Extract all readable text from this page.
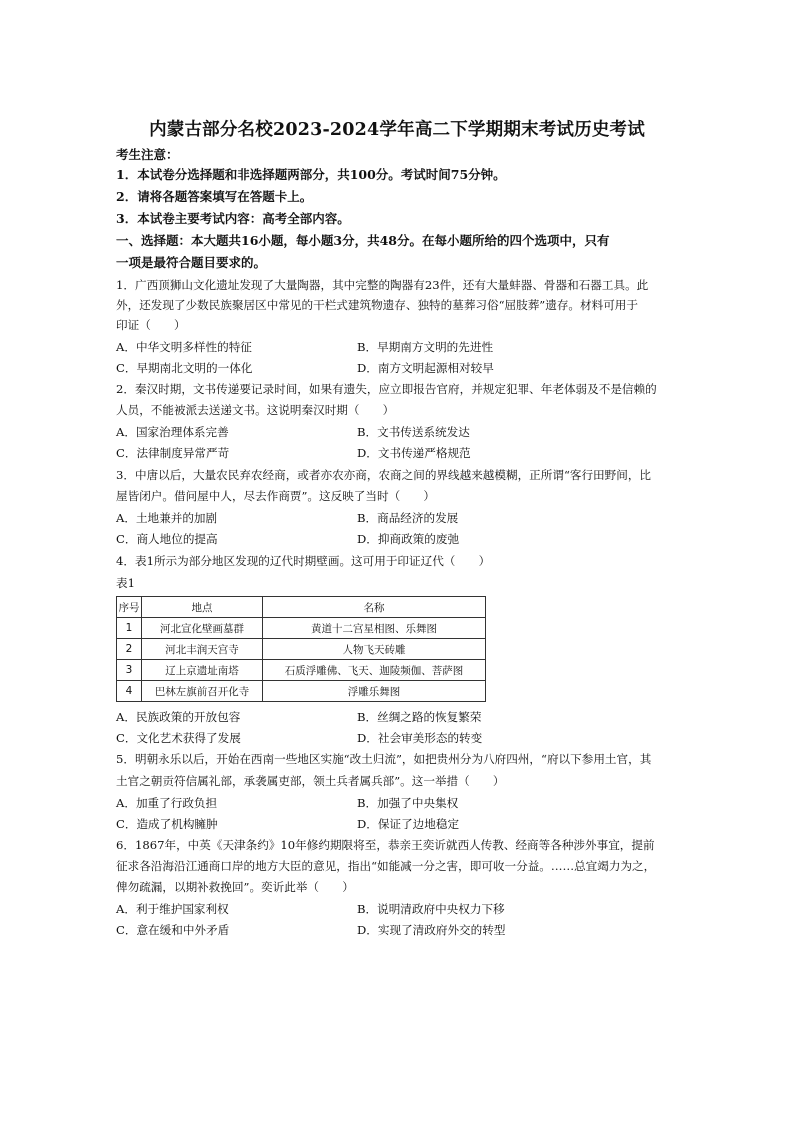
内蒙古部分名校2023-2024学年高二下学期期末考试历史考试
考生注意：
1．本试卷分选择题和非选择题两部分，共100分。考试时间75分钟。
2．请将各题答案填写在答题卡上。
3．本试卷主要考试内容：高考全部内容。
一、选择题：本大题共16小题，每小题3分，共48分。在每小题所给的四个选项中，只有
一项是最符合题目要求的。
1．广西顶狮山文化遗址发现了大量陶器，其中完整的陶器有23件，还有大量蚌器、骨器和石器工具。此
外，还发现了少数民族聚居区中常见的干栏式建筑物遗存、独特的墓葬习俗“屈肢葬”遗存。材料可用于
印证（　　）
A．中华文明多样性的特征	B．早期南方文明的先进性
C．早期南北文明的一体化	D．南方文明起源相对较早
2．秦汉时期，文书传递要记录时间，如果有遗失，应立即报告官府，并规定犯罪、年老体弱及不是信赖的
人员，不能被派去送递文书。这说明秦汉时期（　　）
A．国家治理体系完善	B．文书传送系统发达
C．法律制度异常严苛	D．文书传递严格规范
3．中唐以后，大量农民弃农经商，或者亦农亦商，农商之间的界线越来越模糊，正所谓“客行田野间，比
屋皆闭户。借问屋中人，尽去作商贾”。这反映了当时（　　）
A．土地兼并的加剧	B．商品经济的发展
C．商人地位的提高	D．抑商政策的废弛
4．表1所示为部分地区发现的辽代时期壁画。这可用于印证辽代（　　）
表1
序号	地点	名称
1	河北宣化壁画墓群	黄道十二宫星相图、乐舞图
2	河北丰润天宫寺	人物飞天砖雕
3	辽上京遗址南塔	石质浮雕佛、飞天、迦陵频伽、菩萨图
4	巴林左旗前召开化寺	浮雕乐舞图
A．民族政策的开放包容	B．丝绸之路的恢复繁荣
C．文化艺术获得了发展	D．社会审美形态的转变
5．明朝永乐以后，开始在西南一些地区实施“改土归流”，如把贵州分为八府四州，“府以下参用土官，其
土官之朝贡符信属礼部，承袭属吏部，领土兵者属兵部”。这一举措（　　）
A．加重了行政负担	B．加强了中央集权
C．造成了机构臃肿	D．保证了边地稳定
6．1867年，中英《天津条约》10年修约期限将至，恭亲王奕䜣就西人传教、经商等各种涉外事宜，提前
征求各沿海沿江通商口岸的地方大臣的意见，指出“如能减一分之害，即可收一分益。……总宜竭力为之，
俾勿疏漏，以期补救挽回”。奕䜣此举（　　）
A．利于维护国家利权	B．说明清政府中央权力下移
C．意在缓和中外矛盾	D．实现了清政府外交的转型
